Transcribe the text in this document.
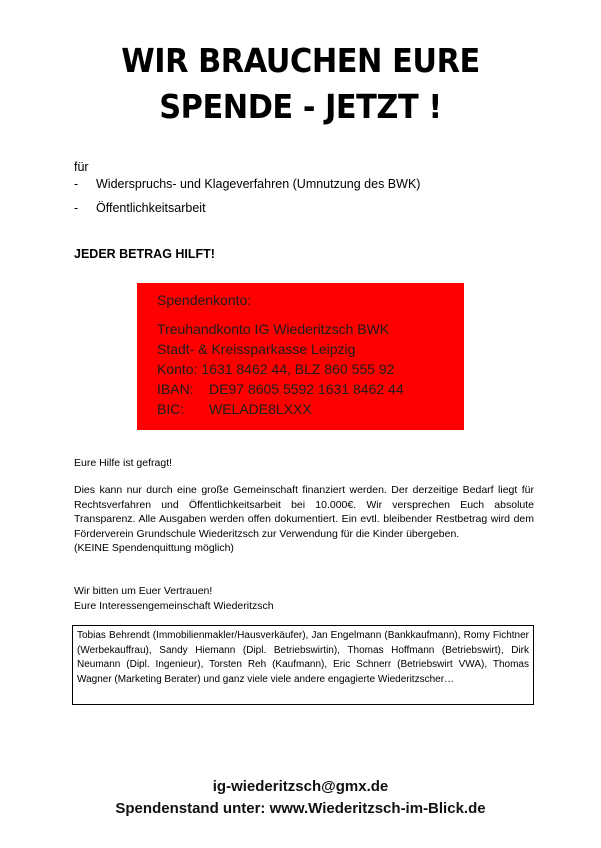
WIR BRAUCHEN EURE
SPENDE - JETZT !
für
-	Widerspruchs- und Klageverfahren (Umnutzung des BWK)
-	Öffentlichkeitsarbeit
JEDER BETRAG HILFT!
Spendenkonto:
Treuhandkonto IG Wiederitzsch BWK
Stadt- & Kreissparkasse Leipzig
Konto: 1631 8462 44, BLZ 860 555 92
IBAN: DE97 8605 5592 1631 8462 44
BIC: WELADE8LXXX
Eure Hilfe ist gefragt!

Dies kann nur durch eine große Gemeinschaft finanziert werden. Der derzeitige Bedarf liegt für Rechtsverfahren und Öffentlichkeitsarbeit bei 10.000€. Wir versprechen Euch absolute Transparenz. Alle Ausgaben werden offen dokumentiert. Ein evtl. bleibender Restbetrag wird dem Förderverein Grundschule Wiederitzsch zur Verwendung für die Kinder übergeben.

(KEINE Spendenquittung möglich)

Wir bitten um Euer Vertrauen!
Eure Interessengemeinschaft Wiederitzsch
Tobias Behrendt (Immobilienmakler/Hausverkäufer), Jan Engelmann (Bankkaufmann), Romy Fichtner (Werbekauffrau), Sandy Hiemann (Dipl. Betriebswirtin), Thomas Hoffmann (Betriebswirt), Dirk Neumann (Dipl. Ingenieur), Torsten Reh (Kaufmann), Eric Schnerr (Betriebswirt VWA), Thomas Wagner (Marketing Berater) und ganz viele viele andere engagierte Wiederitzscher…
ig-wiederitzsch@gmx.de
Spendenstand unter: www.Wiederitzsch-im-Blick.de
